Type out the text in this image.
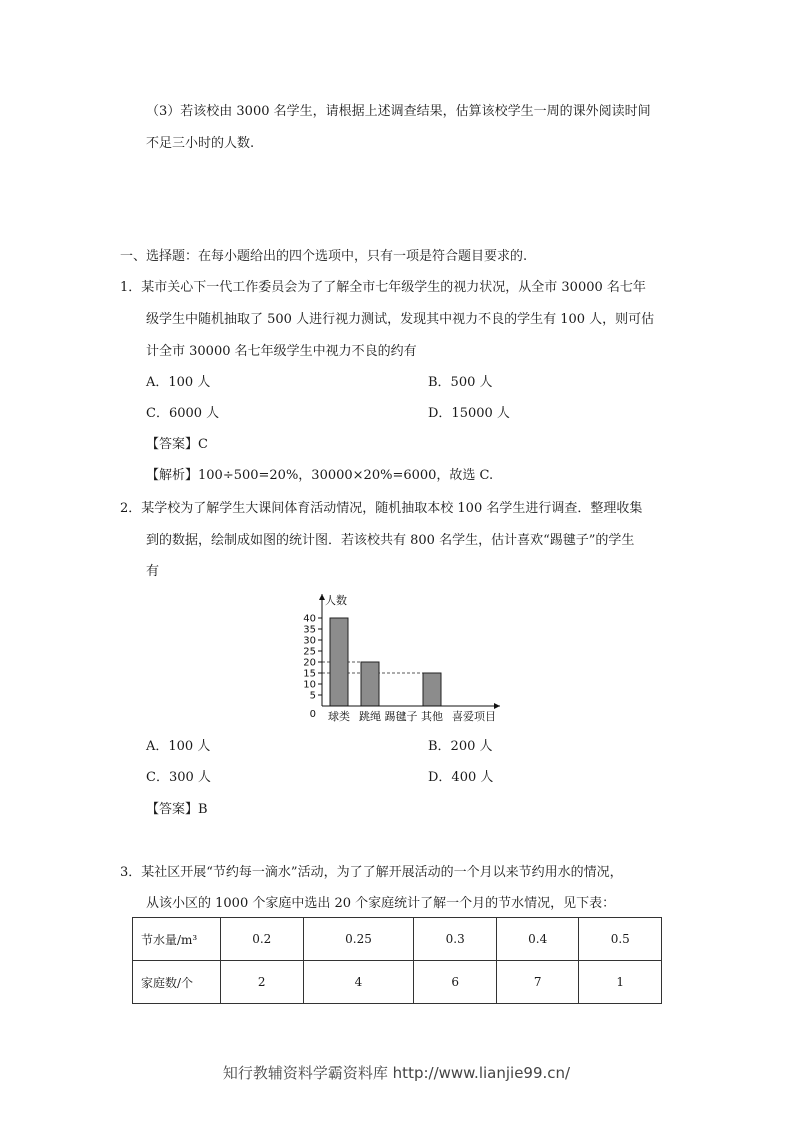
（3）若该校由 3000 名学生，请根据上述调查结果，估算该校学生一周的课外阅读时间
不足三小时的人数.
一、选择题：在每小题给出的四个选项中，只有一项是符合题目要求的.
1．某市关心下一代工作委员会为了了解全市七年级学生的视力状况，从全市 30000 名七年
级学生中随机抽取了 500 人进行视力测试，发现其中视力不良的学生有 100 人，则可估
计全市 30000 名七年级学生中视力不良的约有
A．100 人	B．500 人
C．6000 人	D．15000 人
【答案】C
【解析】100÷500=20%，30000×20%=6000，故选 C.
2．某学校为了解学生大课间体育活动情况，随机抽取本校 100 名学生进行调查．整理收集
到的数据，绘制成如图的统计图．若该校共有 800 名学生，估计喜欢“踢毽子”的学生
有
球类 跳绳 踢毽子 其他
0
5
10
15
20
25
30
35
40
人数
喜爱项目
A．100 人	B．200 人
C．300 人	D．400 人
【答案】B
3．某社区开展“节约每一滴水”活动，为了了解开展活动的一个月以来节约用水的情况，
从该小区的 1000 个家庭中选出 20 个家庭统计了解一个月的节水情况，见下表：
节水量/m³	0.2	0.25	0.3	0.4	0.5
家庭数/个	2	4	6	7	1
知行教辅资料学霸资料库 http://www.lianjie99.cn/
